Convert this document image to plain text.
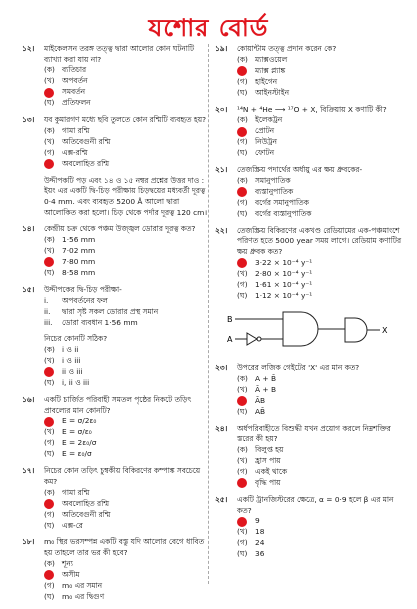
যশোর বোর্ড
১২।	মাইকেলসন তরঙ্গ তত্ত্ব দ্বারা আলোর কোন ঘটনাটি ব্যাখ্যা করা যায় না?
(ক) ব্যতিচার
(খ) অপবর্তন
সমবর্তন
(ঘ)	প্রতিফলন
১৩।	যব কুমারগণ মধ্যে ছবি তুলতে কোন রশ্মিটি ব্যবহৃত হয়?
(ক) গামা রশ্মি
(খ) অতিবেগুনী রশ্মি
(গ) এক্স-রশ্মি
অবলোহিত রশ্মি
উদ্দীপকটি পড় এবং ১৪ ও ১৫ নম্বর প্রশ্নের উত্তর দাও : ইয়ং এর একটি দ্বি-চিড় পরীক্ষায় চিড়দ্বয়ের মধ্যবর্তী দূরত্ব 0·4 mm. এবং ব্যবহৃত 5200 Å আলো দ্বারা আলোকিত করা হলো। চিড় থেকে পর্দার দূরত্ব 120 cm।
১৪।	কেন্দ্রীয় চক্র থেকে পঞ্চম উজ্জ্বল ডোরার দূরত্ব কত?
(ক) 1·56 mm
(খ) 7·02 mm
7·80 mm
(ঘ)	8·58 mm
১৫।	উদ্দীপকের দ্বি-চিড় পরীক্ষা-
i.	অপবর্তনের ফল
ii.	দ্বারা সৃষ্ট সকল ডোরার প্রস্থ সমান
iii.	ডোরা ব্যবধান 1·56 mm
নিচের কোনটি সঠিক?
(ক) i ও ii
(খ) i ও iii
ii ও iii
(ঘ)	i, ii ও iii
১৬।	একটি চার্জিত পরিবাহী সমতল পৃষ্ঠের নিকটে তড়িৎ প্রাবল্যের মান কোনটি?
E = σ/2ε₀
(খ) E = σ/ε₀
(গ) E = 2ε₀/σ
(ঘ)	E = ε₀/σ
১৭।	নিচের কোন তড়িৎ চুম্বকীয় বিকিরণের কম্পাঙ্ক সবচেয়ে কম?
(ক) গামা রশ্মি
অবলোহিত রশ্মি
(গ) অতিবেগুনী রশ্মি
(ঘ)	এক্স-রে
১৮।	m₀ স্থির ভরসম্পন্ন একটি বস্তু যদি আলোর বেগে ধাবিত হয় তাহলে তার ভর কী হবে?
(ক) শূন্য
অসীম
(গ) m₀ এর সমান
(ঘ)	m₀ এর দ্বিগুণ
১৯।	কোয়ান্টাম তত্ত্ব প্রদান করেন কে?
(ক) ম্যাক্সওয়েল
ম্যাক্স প্ল্যাঙ্ক
(গ) হাইগেন
(ঘ)	আইনস্টাইন
২০।	¹⁴N + ⁴He ⟶ ¹⁷O + X, বিক্রিয়ায় X কণাটি কী?
(ক) ইলেকট্রন
প্রোটন
(গ) নিউট্রন
(ঘ)	ফোটন
২১।	তেজস্ক্রিয় পদার্থের অর্ধায়ু এর ক্ষয় ধ্রুবকের-
(ক) সমানুপাতিক
ব্যস্তানুপাতিক
(গ) বর্গের সমানুপাতিক
(ঘ)	বর্গের ব্যস্তানুপাতিক
২২।	তেজস্ক্রিয় বিকিরণের একখণ্ড রেডিয়ামের এক-পঞ্চমাংশে পরিণত হতে 5000 year সময় লাগে। রেডিয়াম কণাটির ক্ষয় ধ্রুবক কত?
3·22 × 10⁻⁴ y⁻¹
(খ) 2·80 × 10⁻⁴ y⁻¹
(গ) 1·61 × 10⁻⁴ y⁻¹
(ঘ)	1·12 × 10⁻⁴ y⁻¹
B
A
X
২৩।	উপরের লজিক গেইটের 'X' এর মান কত?
(ক) A + B̄
(খ) Ā + B
ĀB
(ঘ)	AB̄
২৪।	অর্ধপরিবাহীতে বিশুদ্ধী যখন প্রয়োগ করলে নিম্নশক্তির স্তরের কী হয়?
(ক) বিলুপ্ত হয়
(খ) হ্রাস পায়
(গ) একই থাকে
বৃদ্ধি পায়
২৫।	একটি ট্রানজিস্টরের ক্ষেত্রে, α = 0·9 হলে β এর মান কত?
9
(খ) 18
(গ) 24
(ঘ)	36
